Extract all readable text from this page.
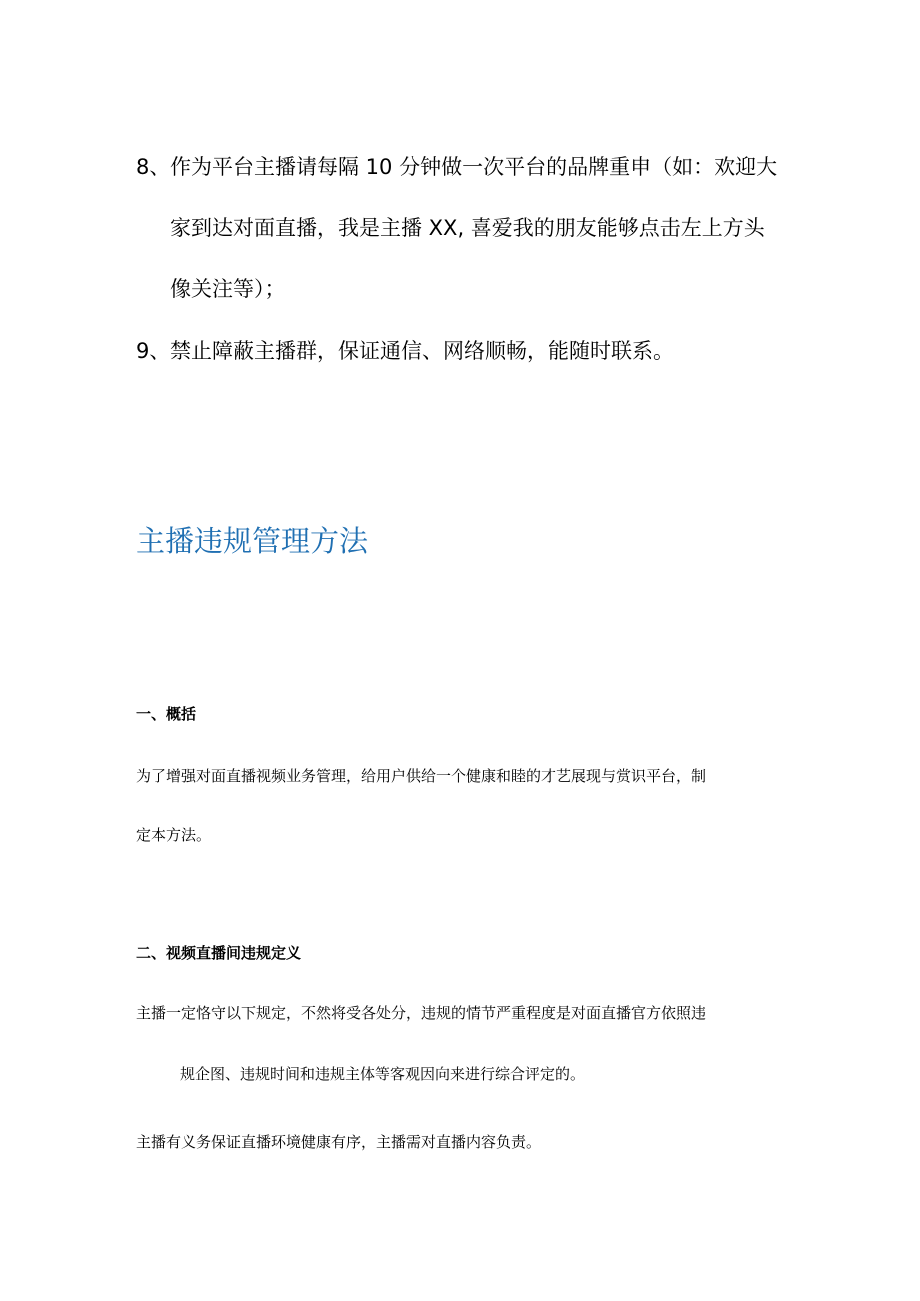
8、 作为平台主播请每隔 10 分钟做一次平台的品牌重申（如：欢迎大
家到达对面直播，我是主播 XX, 喜爱我的朋友能够点击左上方头
像关注等）；
9、 禁止障蔽主播群，保证通信、网络顺畅，能随时联系。
主播违规管理方法
一、概括
为了增强对面直播视频业务管理，给用户供给一个健康和睦的才艺展现与赏识平台，制
定本方法。
二、视频直播间违规定义
主播一定恪守以下规定，不然将受各处分，违规的情节严重程度是对面直播官方依照违
规企图、违规时间和违规主体等客观因向来进行综合评定的。
主播有义务保证直播环境健康有序，主播需对直播内容负责。
